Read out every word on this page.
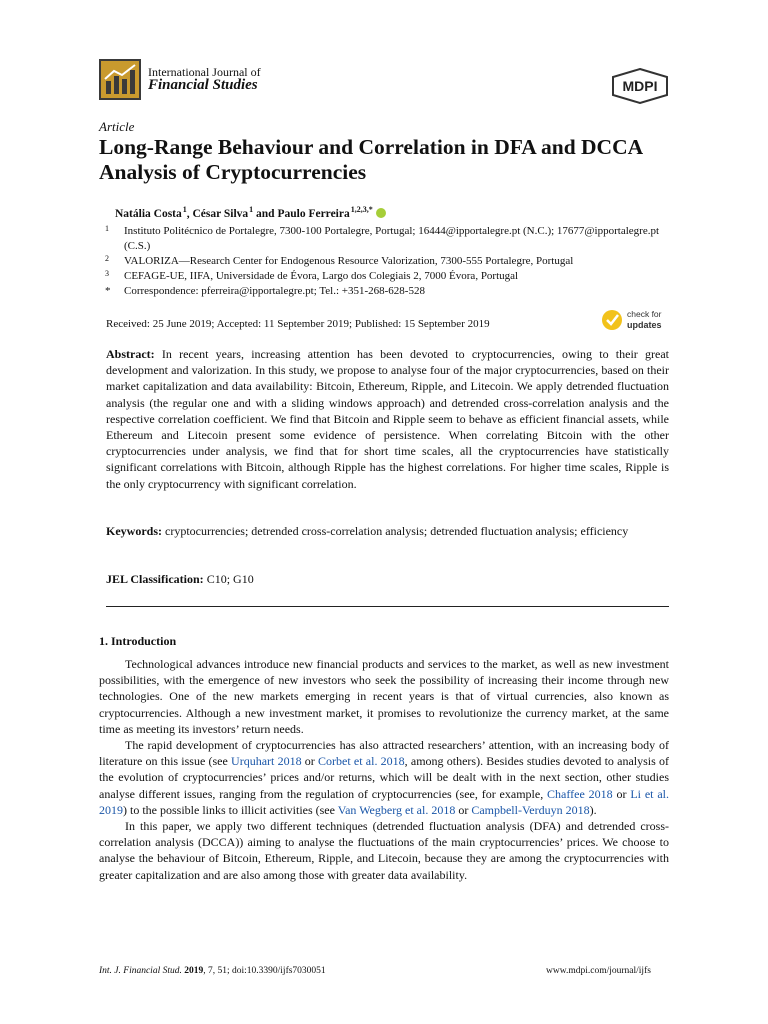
International Journal of
Financial Studies	MDPI
Article
Long-Range Behaviour and Correlation in DFA and DCCA Analysis of Cryptocurrencies
Natália Costa $^1$, César Silva $^1$ and Paulo Ferreira $^{1,2,3,*}$
1 Instituto Politécnico de Portalegre, 7300-100 Portalegre, Portugal; 16444@ipportalegre.pt (N.C.); 17677@ipportalegre.pt (C.S.)
2 VALORIZA—Research Center for Endogenous Resource Valorization, 7300-555 Portalegre, Portugal
3 CEFAGE-UE, IIFA, Universidade de Évora, Largo dos Colegiais 2, 7000 Évora, Portugal
* Correspondence: pferreira@ipportalegre.pt; Tel.: +351-268-628-528
Received: 25 June 2019; Accepted: 11 September 2019; Published: 15 September 2019
check for
updates

Abstract: In recent years, increasing attention has been devoted to cryptocurrencies, owing to their great development and valorization. In this study, we propose to analyse four of the major cryptocurrencies, based on their market capitalization and data availability: Bitcoin, Ethereum, Ripple, and Litecoin. We apply detrended fluctuation analysis (the regular one and with a sliding windows approach) and detrended cross-correlation analysis and the respective correlation coefficient. We find that Bitcoin and Ripple seem to behave as efficient financial assets, while Ethereum and Litecoin present some evidence of persistence. When correlating Bitcoin with the other cryptocurrencies under analysis, we find that for short time scales, all the cryptocurrencies have statistically significant correlations with Bitcoin, although Ripple has the highest correlations. For higher time scales, Ripple is the only cryptocurrency with significant correlation.

Keywords: cryptocurrencies; detrended cross-correlation analysis; detrended fluctuation analysis; efficiency

JEL Classification: C10; G10
1. Introduction

Technological advances introduce new financial products and services to the market, as well as new investment possibilities, with the emergence of new investors who seek the possibility of increasing their income through new technologies. One of the new markets emerging in recent years is that of virtual currencies, also known as cryptocurrencies. Although a new investment market, it promises to revolutionize the currency market, at the same time as meeting its investors’ return needs.

The rapid development of cryptocurrencies has also attracted researchers’ attention, with an increasing body of literature on this issue (see Urquhart 2018 or Corbet et al. 2018, among others). Besides studies devoted to analysis of the evolution of cryptocurrencies’ prices and/or returns, which will be dealt with in the next section, other studies analyse different issues, ranging from the regulation of cryptocurrencies (see, for example, Chaffee 2018 or Li et al. 2019) to the possible links to illicit activities (see Van Wegberg et al. 2018 or Campbell-Verduyn 2018).

In this paper, we apply two different techniques (detrended fluctuation analysis (DFA) and detrended cross-correlation analysis (DCCA)) aiming to analyse the fluctuations of the main cryptocurrencies’ prices. We choose to analyse the behaviour of Bitcoin, Ethereum, Ripple, and Litecoin, because they are among the cryptocurrencies with greater capitalization and are also among those with greater data availability.

Int. J. Financial Stud. 2019, 7, 51; doi:10.3390/ijfs7030051	www.mdpi.com/journal/ijfs
